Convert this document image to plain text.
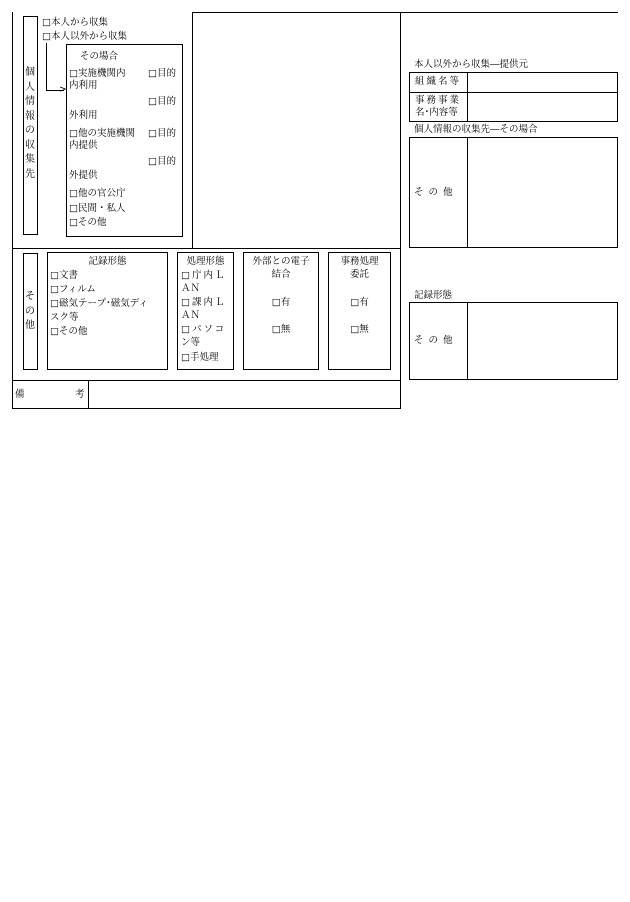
個人情報の収集先
□本人から収集
□本人以外から収集
>
その場合
□実施機関内 □目的
内利用
□目的
外利用
□他の実施機関 □目的
内提供
□目的
外提供
□他の官公庁
□民間・私人
□その他
その他
記録形態
□文書
□フィルム
□磁気テープ･磁気ディ
スク等
□その他
処理形態
□庁内Ｌ
ＡＮ
□課内Ｌ
ＡＮ
□パソコ
ン等
□手処理
外部との電子
結合
□有
□無
事務処理
委託
□有
□無
備	考
本人以外から収集―提供元
組織名等
事務事業
名･内容等
個人情報の収集先―その場合
そ の 他
記録形態
そ の 他
